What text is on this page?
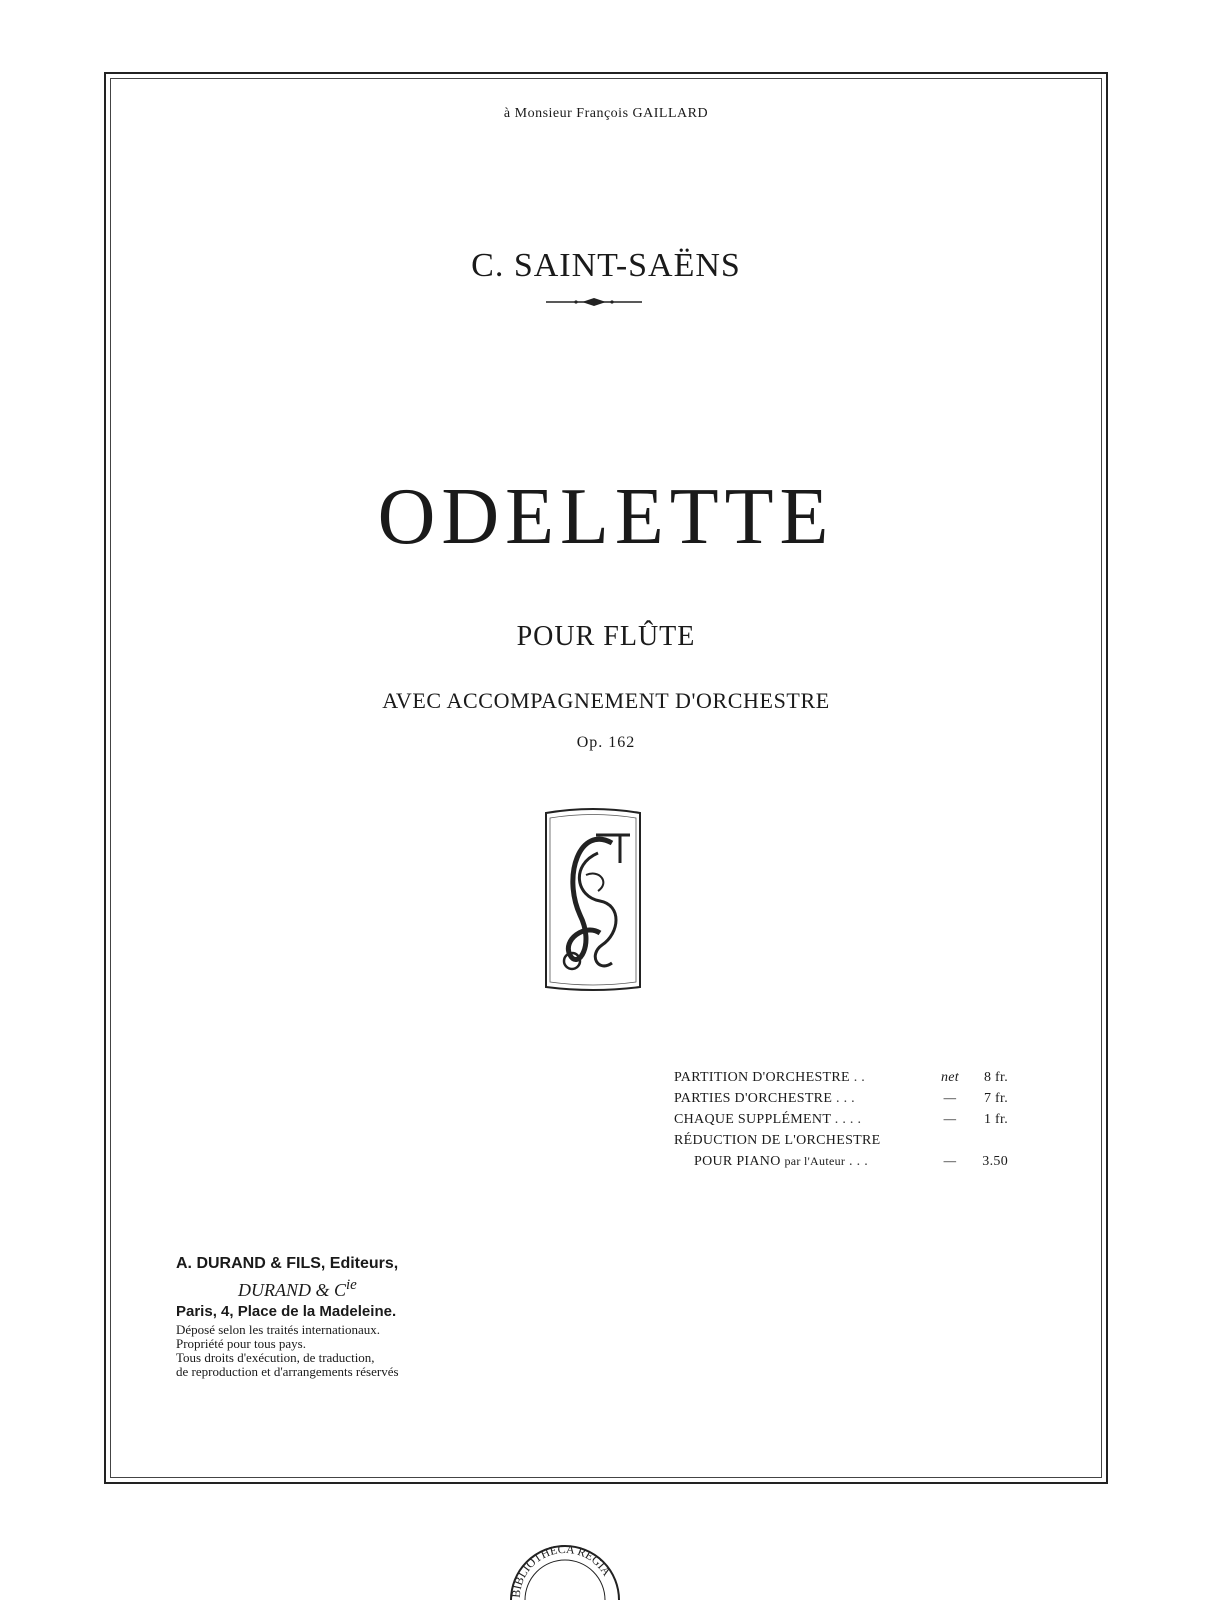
à Monsieur François GAILLARD
C. SAINT-SAËNS
ODELETTE
POUR FLÛTE
AVEC ACCOMPAGNEMENT D'ORCHESTRE
Op. 162
PARTITION D'ORCHESTRE . .	net	8 fr.
PARTIES D'ORCHESTRE . . .	—	7 fr.
CHAQUE SUPPLÉMENT . . . .	—	1 fr.
RÉDUCTION DE L'ORCHESTRE
POUR PIANO par l'Auteur . . .	—	3.50
A. DURAND & FILS, Editeurs,
DURAND & $C^{ie}$
Paris, 4, Place de la Madeleine.
Déposé selon les traités internationaux.
Propriété pour tous pays.
Tous droits d'exécution, de traduction,
de reproduction et d'arrangements réservés
BIBLIOTHECA REGIA
